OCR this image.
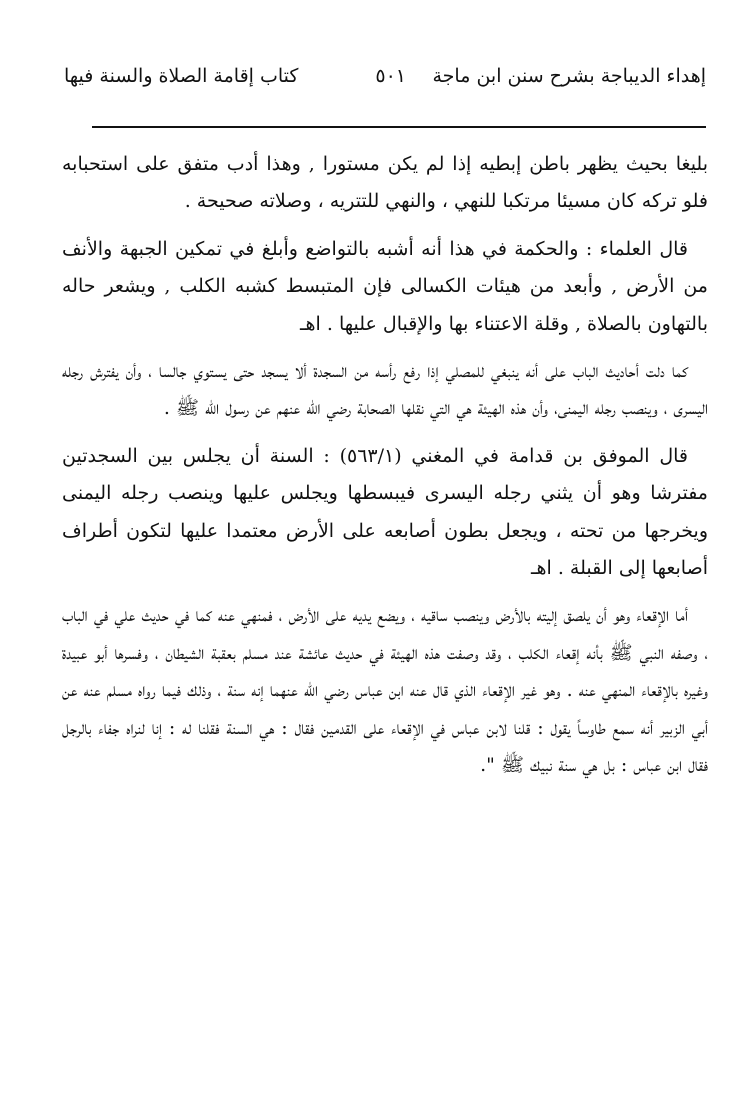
إهداء الديباجة بشرح سنن ابن ماجة
٥٠١
كتاب إقامة الصلاة والسنة فيها

بليغا بحيث يظهر باطن إبطيه إذا لم يكن مستورا , وهذا أدب متفق على استحبابه فلو تركه كان مسيئا مرتكبا للنهي ، والنهي للتتريه ، وصلاته صحيحة .

قال العلماء : والحكمة في هذا أنه أشبه بالتواضع وأبلغ في تمكين الجبهة والأنف من الأرض , وأبعد من هيئات الكسالى فإن المتبسط كشبه الكلب , ويشعر حاله بالتهاون بالصلاة , وقلة الاعتناء بها والإقبال عليها . اهـ

كما دلت أحاديث الباب على أنه ينبغي للمصلي إذا رفع رأسه من السجدة ألا يسجد حتى يستوي جالسا ، وأن يفترش رجله اليسرى ، وينصب رجله اليمنى، وأن هذه الهيئة هي التي نقلها الصحابة رضي الله عنهم عن رسول الله ﷺ .

قال الموفق بن قدامة في المغني (٥٦٣/١) : السنة أن يجلس بين السجدتين مفترشا وهو أن يثني رجله اليسرى فيبسطها ويجلس عليها وينصب رجله اليمنى ويخرجها من تحته ، ويجعل بطون أصابعه على الأرض معتمدا عليها لتكون أطراف أصابعها إلى القبلة . اهـ

أما الإقعاء وهو أن يلصق إليته بالأرض وينصب ساقيه ، ويضع يديه على الأرض ، فمنهي عنه كما في حديث علي في الباب ، وصفه النبي ﷺ بأنه إقعاء الكلب ، وقد وصفت هذه الهيئة في حديث عائشة عند مسلم بعقبة الشيطان ، وفسرها أبو عبيدة وغيره بالإقعاء المنهي عنه . وهو غير الإقعاء الذي قال عنه ابن عباس رضي الله عنهما إنه سنة ، وذلك فيما رواه مسلم عنه عن أبي الزبير أنه سمع طاوساً يقول : قلنا لابن عباس في الإقعاء على القدمين فقال : هي السنة فقلنا له : إنا لنراه جفاء بالرجل فقال ابن عباس : بل هي سنة نبيك ﷺ ".
